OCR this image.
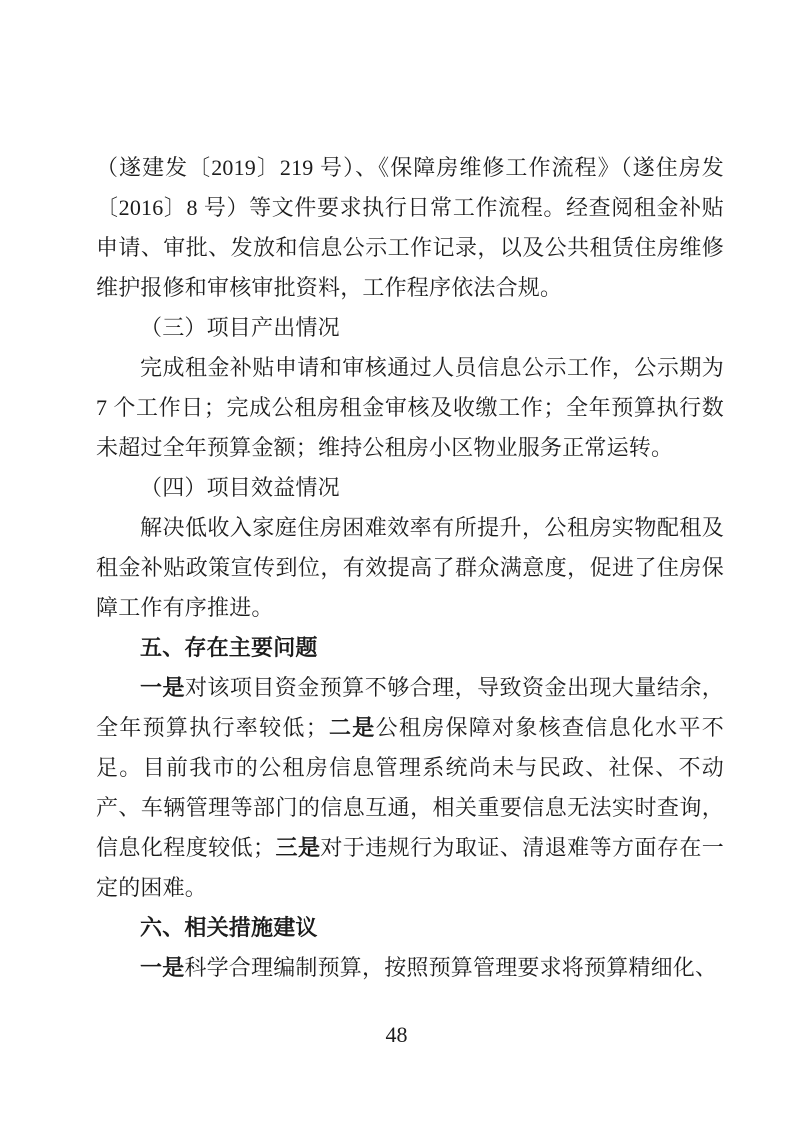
（遂建发〔2019〕219 号）、《保障房维修工作流程》（遂住房发〔2016〕8 号）等文件要求执行日常工作流程。经查阅租金补贴申请、审批、发放和信息公示工作记录，以及公共租赁住房维修维护报修和审核审批资料，工作程序依法合规。

（三）项目产出情况

完成租金补贴申请和审核通过人员信息公示工作，公示期为 7 个工作日；完成公租房租金审核及收缴工作；全年预算执行数未超过全年预算金额；维持公租房小区物业服务正常运转。

（四）项目效益情况

解决低收入家庭住房困难效率有所提升，公租房实物配租及租金补贴政策宣传到位，有效提高了群众满意度，促进了住房保障工作有序推进。

五、存在主要问题

一是对该项目资金预算不够合理，导致资金出现大量结余，全年预算执行率较低；二是公租房保障对象核查信息化水平不足。目前我市的公租房信息管理系统尚未与民政、社保、不动产、车辆管理等部门的信息互通，相关重要信息无法实时查询，信息化程度较低；三是对于违规行为取证、清退难等方面存在一定的困难。

六、相关措施建议

一是科学合理编制预算，按照预算管理要求将预算精细化、

48
